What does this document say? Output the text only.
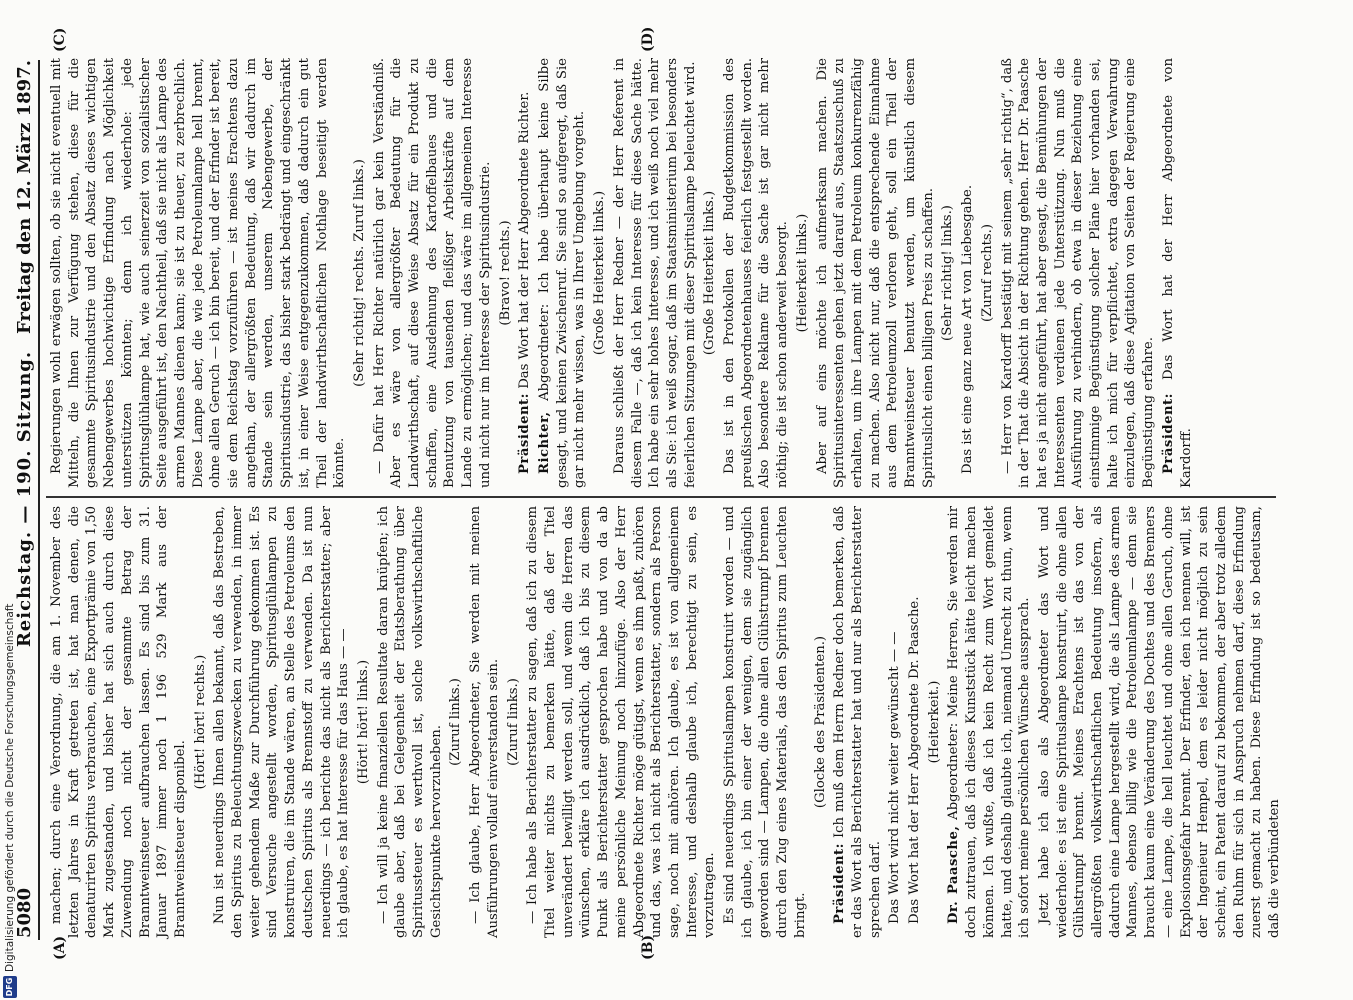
5080
Reichstag. — 190. Sitzung.
Freitag den 12. März 1897.
(A)	(B)
(C)	(D)

machen; durch eine Verordnung, die am 1. November des letzten Jahres in Kraft getreten ist, hat man denen, die denaturirten Spiritus verbrauchen, eine Exportprämie von 1,50 Mark zugestanden, und bisher hat sich auch durch diese Zuwendung noch nicht der gesammte Betrag der Branntweinsteuer aufbrauchen lassen. Es sind bis zum 31. Januar 1897 immer noch 1 196 529 Mark aus der Branntweinsteuer disponibel.

(Hört! hört! rechts.) Nun ist neuerdings Ihnen allen bekannt, daß das Bestreben, den Spiritus zu Beleuchtungszwecken zu verwenden, in immer weiter gehendem Maße zur Durchführung gekommen ist. Es sind Versuche angestellt worden, Spiritusglühlampen zu konstruiren, die im Stande wären, an Stelle des Petroleums den deutschen Spiritus als Brennstoff zu verwenden. Da ist nun neuerdings — ich berichte das nicht als Berichterstatter; aber ich glaube, es hat Interesse für das Haus — — (Hört! hört! links.) — Ich will ja keine finanziellen Resultate daran knüpfen; ich glaube aber, daß bei Gelegenheit der Etatsberathung über Spiritussteuer es werthvoll ist, solche volkswirthschaftliche Gesichtspunkte hervorzuheben.

(Zuruf links.) — Ich glaube, Herr Abgeordneter, Sie werden mit meinen Ausführungen vollauf einverstanden sein. (Zuruf links.) — Ich habe als Berichterstatter zu sagen, daß ich zu diesem Titel weiter nichts zu bemerken hätte, daß der Titel unverändert bewilligt werden soll, und wenn die Herren das wünschen, erkläre ich ausdrücklich, daß ich bis zu diesem Punkt als Berichterstatter gesprochen habe und von da ab meine persönliche Meinung noch hinzufüge. Also der Herr Abgeordnete Richter möge gütigst, wenn es ihm paßt, zuhören und das, was ich nicht als Berichterstatter, sondern als Person sage, noch mit anhören. Ich glaube, es ist von allgemeinem Interesse, und deshalb glaube ich, berechtigt zu sein, es vorzutragen. Es sind neuerdings Spirituslampen konstruirt worden — und ich glaube, ich bin einer der wenigen, dem sie zugänglich geworden sind — Lampen, die ohne allen Glühstrumpf brennen durch den Zug eines Materials, das den Spiritus zum Leuchten bringt.

(Glocke des Präsidenten.)

Präsident: Ich muß dem Herrn Redner doch bemerken, daß er das Wort als Berichterstatter hat und nur als Berichterstatter sprechen darf. Das Wort wird nicht weiter gewünscht — — Das Wort hat der Herr Abgeordnete Dr. Paasche. (Heiterkeit.)

Dr. Paasche, Abgeordneter: Meine Herren, Sie werden mir doch zutrauen, daß ich dieses Kunststück hätte leicht machen können. Ich wußte, daß ich kein Recht zum Wort gemeldet hatte, und deshalb glaubte ich, niemand Unrecht zu thun, wenn ich sofort meine persönlichen Wünsche aussprach. Jetzt habe ich also als Abgeordneter das Wort und wiederhole: es ist eine Spirituslampe konstruirt, die ohne allen Glühstrumpf brennt. Meines Erachtens ist das von der allergrößten volkswirthschaftlichen Bedeutung insofern, als dadurch eine Lampe hergestellt wird, die als Lampe des armen Mannes, ebenso billig wie die Petroleumlampe — denn sie braucht kaum eine Veränderung des Dochtes und des Brenners — eine Lampe, die hell leuchtet und ohne allen Geruch, ohne Explosionsgefahr brennt. Der Erfinder, den ich nennen will, ist der Ingenieur Hempel, dem es leider nicht möglich zu sein scheint, ein Patent darauf zu bekommen, der aber trotz alledem den Ruhm für sich in Anspruch nehmen darf, diese Erfindung zuerst gemacht zu haben. Diese Erfindung ist so bedeutsam, daß die verbündeten

Regierungen wohl erwägen sollten, ob sie nicht eventuell mit Mitteln, die Ihnen zur Verfügung stehen, diese für die gesammte Spiritusindustrie und den Absatz dieses wichtigen Nebengewerbes hochwichtige Erfindung nach Möglichkeit unterstützen könnten; denn ich wiederhole: jede Spiritusglühlampe hat, wie auch seinerzeit von sozialistischer Seite ausgeführt ist, den Nachtheil, daß sie nicht als Lampe des armen Mannes dienen kann; sie ist zu theuer, zu zerbrechlich. Diese Lampe aber, die wie jede Petroleumlampe hell brennt, ohne allen Geruch — ich bin bereit, und der Erfinder ist bereit, sie dem Reichstag vorzuführen — ist meines Erachtens dazu angethan, der allergrößten Bedeutung, daß wir dadurch im Stande sein werden, unserem Nebengewerbe, der Spiritusindustrie, das bisher stark bedrängt und eingeschränkt ist, in einer Weise entgegenzukommen, daß dadurch ein gut Theil der landwirthschaftlichen Nothlage beseitigt werden könnte.

(Sehr richtig! rechts. Zuruf links.) — Dafür hat Herr Richter natürlich gar kein Verständniß. Aber es wäre von allergrößter Bedeutung für die Landwirthschaft, auf diese Weise Absatz für ein Produkt zu schaffen, eine Ausdehnung des Kartoffelbaues und die Benutzung von tausenden fleißiger Arbeitskräfte auf dem Lande zu ermöglichen; und das wäre im allgemeinen Interesse und nicht nur im Interesse der Spiritusindustrie. (Bravo! rechts.)

Präsident: Das Wort hat der Herr Abgeordnete Richter.

Richter, Abgeordneter: Ich habe überhaupt keine Silbe gesagt, und keinen Zwischenruf. Sie sind so aufgeregt, daß Sie gar nicht mehr wissen, was in Ihrer Umgebung vorgeht. (Große Heiterkeit links.) Daraus schließt der Herr Redner — der Herr Referent in diesem Falle —, daß ich kein Interesse für diese Sache hätte. Ich habe ein sehr hohes Interesse, und ich weiß noch viel mehr als Sie: ich weiß sogar, daß im Staatsministerium bei besonders feierlichen Sitzungen mit dieser Spirituslampe beleuchtet wird. (Große Heiterkeit links.) Das ist in den Protokollen der Budgetkommission des preußischen Abgeordnetenhauses feierlich festgestellt worden. Also besondere Reklame für die Sache ist gar nicht mehr nöthig; die ist schon anderweit besorgt. (Heiterkeit links.) Aber auf eins möchte ich aufmerksam machen. Die Spiritusinteressenten gehen jetzt darauf aus, Staatszuschuß zu erhalten, um ihre Lampen mit dem Petroleum konkurrenzfähig zu machen. Also nicht nur, daß die entsprechende Einnahme aus dem Petroleumzoll verloren geht, soll ein Theil der Branntweinsteuer benutzt werden, um künstlich diesem Spirituslicht einen billigen Preis zu schaffen. (Sehr richtig! links.) Das ist eine ganz neue Art von Liebesgabe. (Zuruf rechts.) — Herr von Kardorff bestätigt mit seinem „sehr richtig“, daß in der That die Absicht in der Richtung gehen. Herr Dr. Paasche hat es ja nicht angeführt, hat aber gesagt, die Bemühungen der Interessenten verdienen jede Unterstützung. Nun muß die Ausführung zu verhindern, ob etwa in dieser Beziehung eine einstimmige Begünstigung solcher Pläne hier vorhanden sei, halte ich mich für verpflichtet, extra dagegen Verwahrung einzulegen, daß diese Agitation von Seiten der Regierung eine Begünstigung erfahre. Präsident: Das Wort hat der Herr Abgeordnete von Kardorff.

DFG
Digitalisierung gefördert durch die Deutsche Forschungsgemeinschaft
